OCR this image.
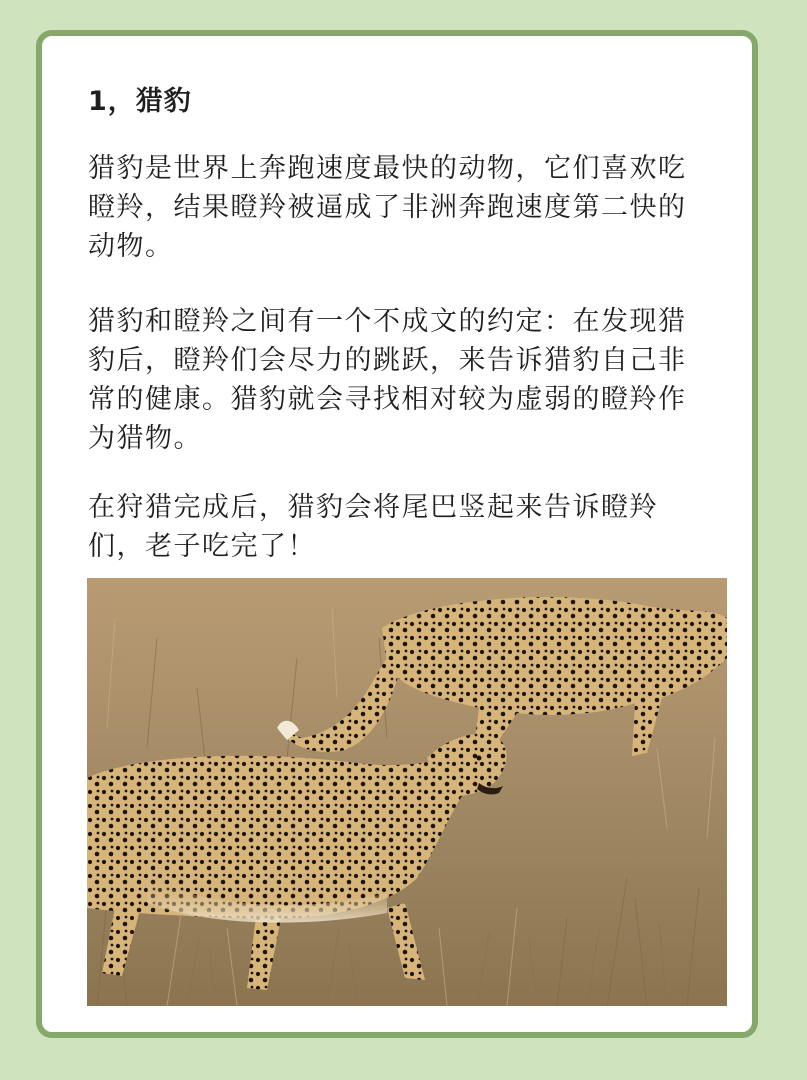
1，猎豹

猎豹是世界上奔跑速度最快的动物，它们喜欢吃瞪羚，结果瞪羚被逼成了非洲奔跑速度第二快的动物。

猎豹和瞪羚之间有一个不成文的约定：在发现猎豹后，瞪羚们会尽力的跳跃，来告诉猎豹自己非常的健康。猎豹就会寻找相对较为虚弱的瞪羚作为猎物。

在狩猎完成后，猎豹会将尾巴竖起来告诉瞪羚们，老子吃完了！
